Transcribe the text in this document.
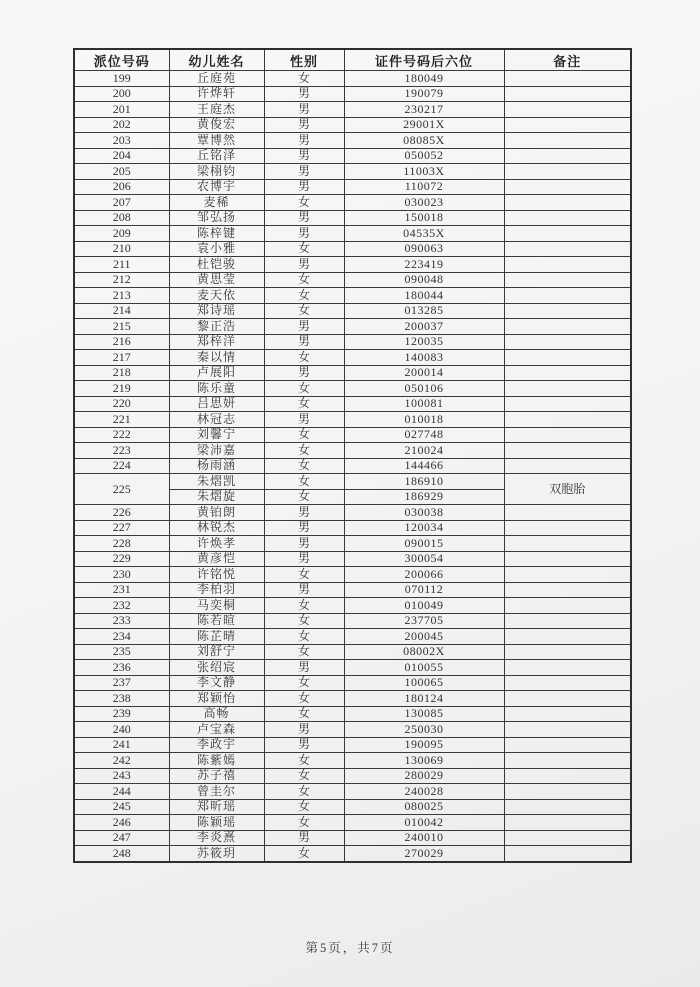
派位号码	幼儿姓名	性别	证件号码后六位	备注
199	丘庭苑	女	180049	
200	许烨轩	男	190079	
201	王庭杰	男	230217	
202	黄俊宏	男	29001X	
203	覃博然	男	08085X	
204	丘铭泽	男	050052	
205	梁栩钧	男	11003X	
206	农博宇	男	110072	
207	麦稀	女	030023	
208	邹弘扬	男	150018	
209	陈梓键	男	04535X	
210	袁小雅	女	090063	
211	杜铠骏	男	223419	
212	黄思莹	女	090048	
213	麦天依	女	180044	
214	郑诗瑶	女	013285	
215	黎正浩	男	200037	
216	郑梓洋	男	120035	
217	秦以情	女	140083	
218	卢展阳	男	200014	
219	陈乐童	女	050106	
220	吕思妍	女	100081	
221	林冠志	男	010018	
222	刘馨宁	女	027748	
223	梁沛嘉	女	210024	
224	杨雨涵	女	144466	
225	朱熠凯	女	186910	双胞胎
	朱熠旋	女	186929	
226	黄铂朗	男	030038	
227	林锐杰	男	120034	
228	许焕孝	男	090015	
229	黄彦恺	男	300054	
230	许铭悦	女	200066	
231	李柏羽	男	070112	
232	马奕桐	女	010049	
233	陈若暄	女	237705	
234	陈芷晴	女	200045	
235	刘舒宁	女	08002X	
236	张绍宸	男	010055	
237	李文静	女	100065	
238	郑颖怡	女	180124	
239	高畅	女	130085	
240	卢宝森	男	250030	
241	李政宇	男	190095	
242	陈紫嫣	女	130069	
243	苏子禧	女	280029	
244	曾圭尔	女	240028	
245	郑昕瑶	女	080025	
246	陈颖瑶	女	010042	
247	李炎熹	男	240010	
248	苏筱玥	女	270029	
第5页，共7页
